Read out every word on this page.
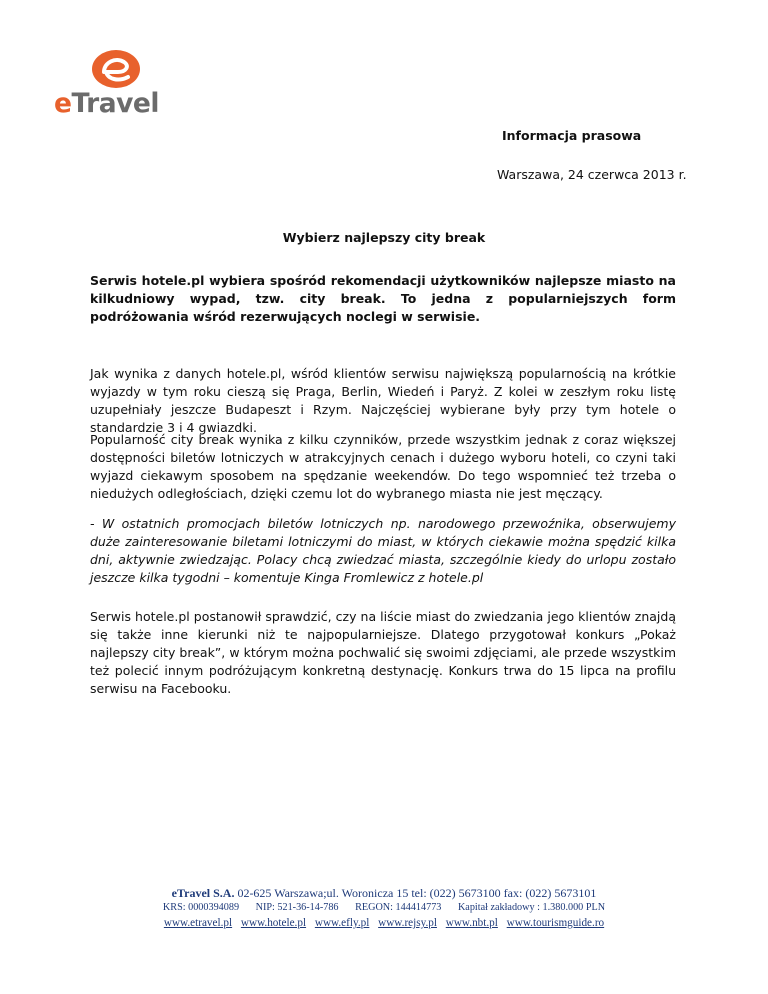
eTravel
Informacja prasowa
Warszawa, 24 czerwca 2013 r.
Wybierz najlepszy city break

Serwis hotele.pl wybiera spośród rekomendacji użytkowników najlepsze miasto na kilkudniowy wypad, tzw. city break. To jedna z popularniejszych form podróżowania wśród rezerwujących noclegi w serwisie.

Jak wynika z danych hotele.pl, wśród klientów serwisu największą popularnością na krótkie wyjazdy w tym roku cieszą się Praga, Berlin, Wiedeń i Paryż. Z kolei w zeszłym roku listę uzupełniały jeszcze Budapeszt i Rzym. Najczęściej wybierane były przy tym hotele o standardzie 3 i 4 gwiazdki.

Popularność city break wynika z kilku czynników, przede wszystkim jednak z coraz większej dostępności biletów lotniczych w atrakcyjnych cenach i dużego wyboru hoteli, co czyni taki wyjazd ciekawym sposobem na spędzanie weekendów. Do tego wspomnieć też trzeba o niedużych odległościach, dzięki czemu lot do wybranego miasta nie jest męczący.

- W ostatnich promocjach biletów lotniczych np. narodowego przewoźnika, obserwujemy duże zainteresowanie biletami lotniczymi do miast, w których ciekawie można spędzić kilka dni, aktywnie zwiedzając. Polacy chcą zwiedzać miasta, szczególnie kiedy do urlopu zostało jeszcze kilka tygodni – komentuje Kinga Fromlewicz z hotele.pl

Serwis hotele.pl postanowił sprawdzić, czy na liście miast do zwiedzania jego klientów znajdą się także inne kierunki niż te najpopularniejsze. Dlatego przygotował konkurs „Pokaż najlepszy city break”, w którym można pochwalić się swoimi zdjęciami, ale przede wszystkim też polecić innym podróżującym konkretną destynację. Konkurs trwa do 15 lipca na profilu serwisu na Facebooku.

eTravel S.A. 02-625 Warszawa;ul. Woronicza 15 tel: (022) 5673100 fax: (022) 5673101
KRS: 0000394089 NIP: 521-36-14-786 REGON: 144414773 Kapitał zakładowy : 1.380.000 PLN
www.etravel.pl www.hotele.pl www.efly.pl www.rejsy.pl www.nbt.pl www.tourismguide.ro
